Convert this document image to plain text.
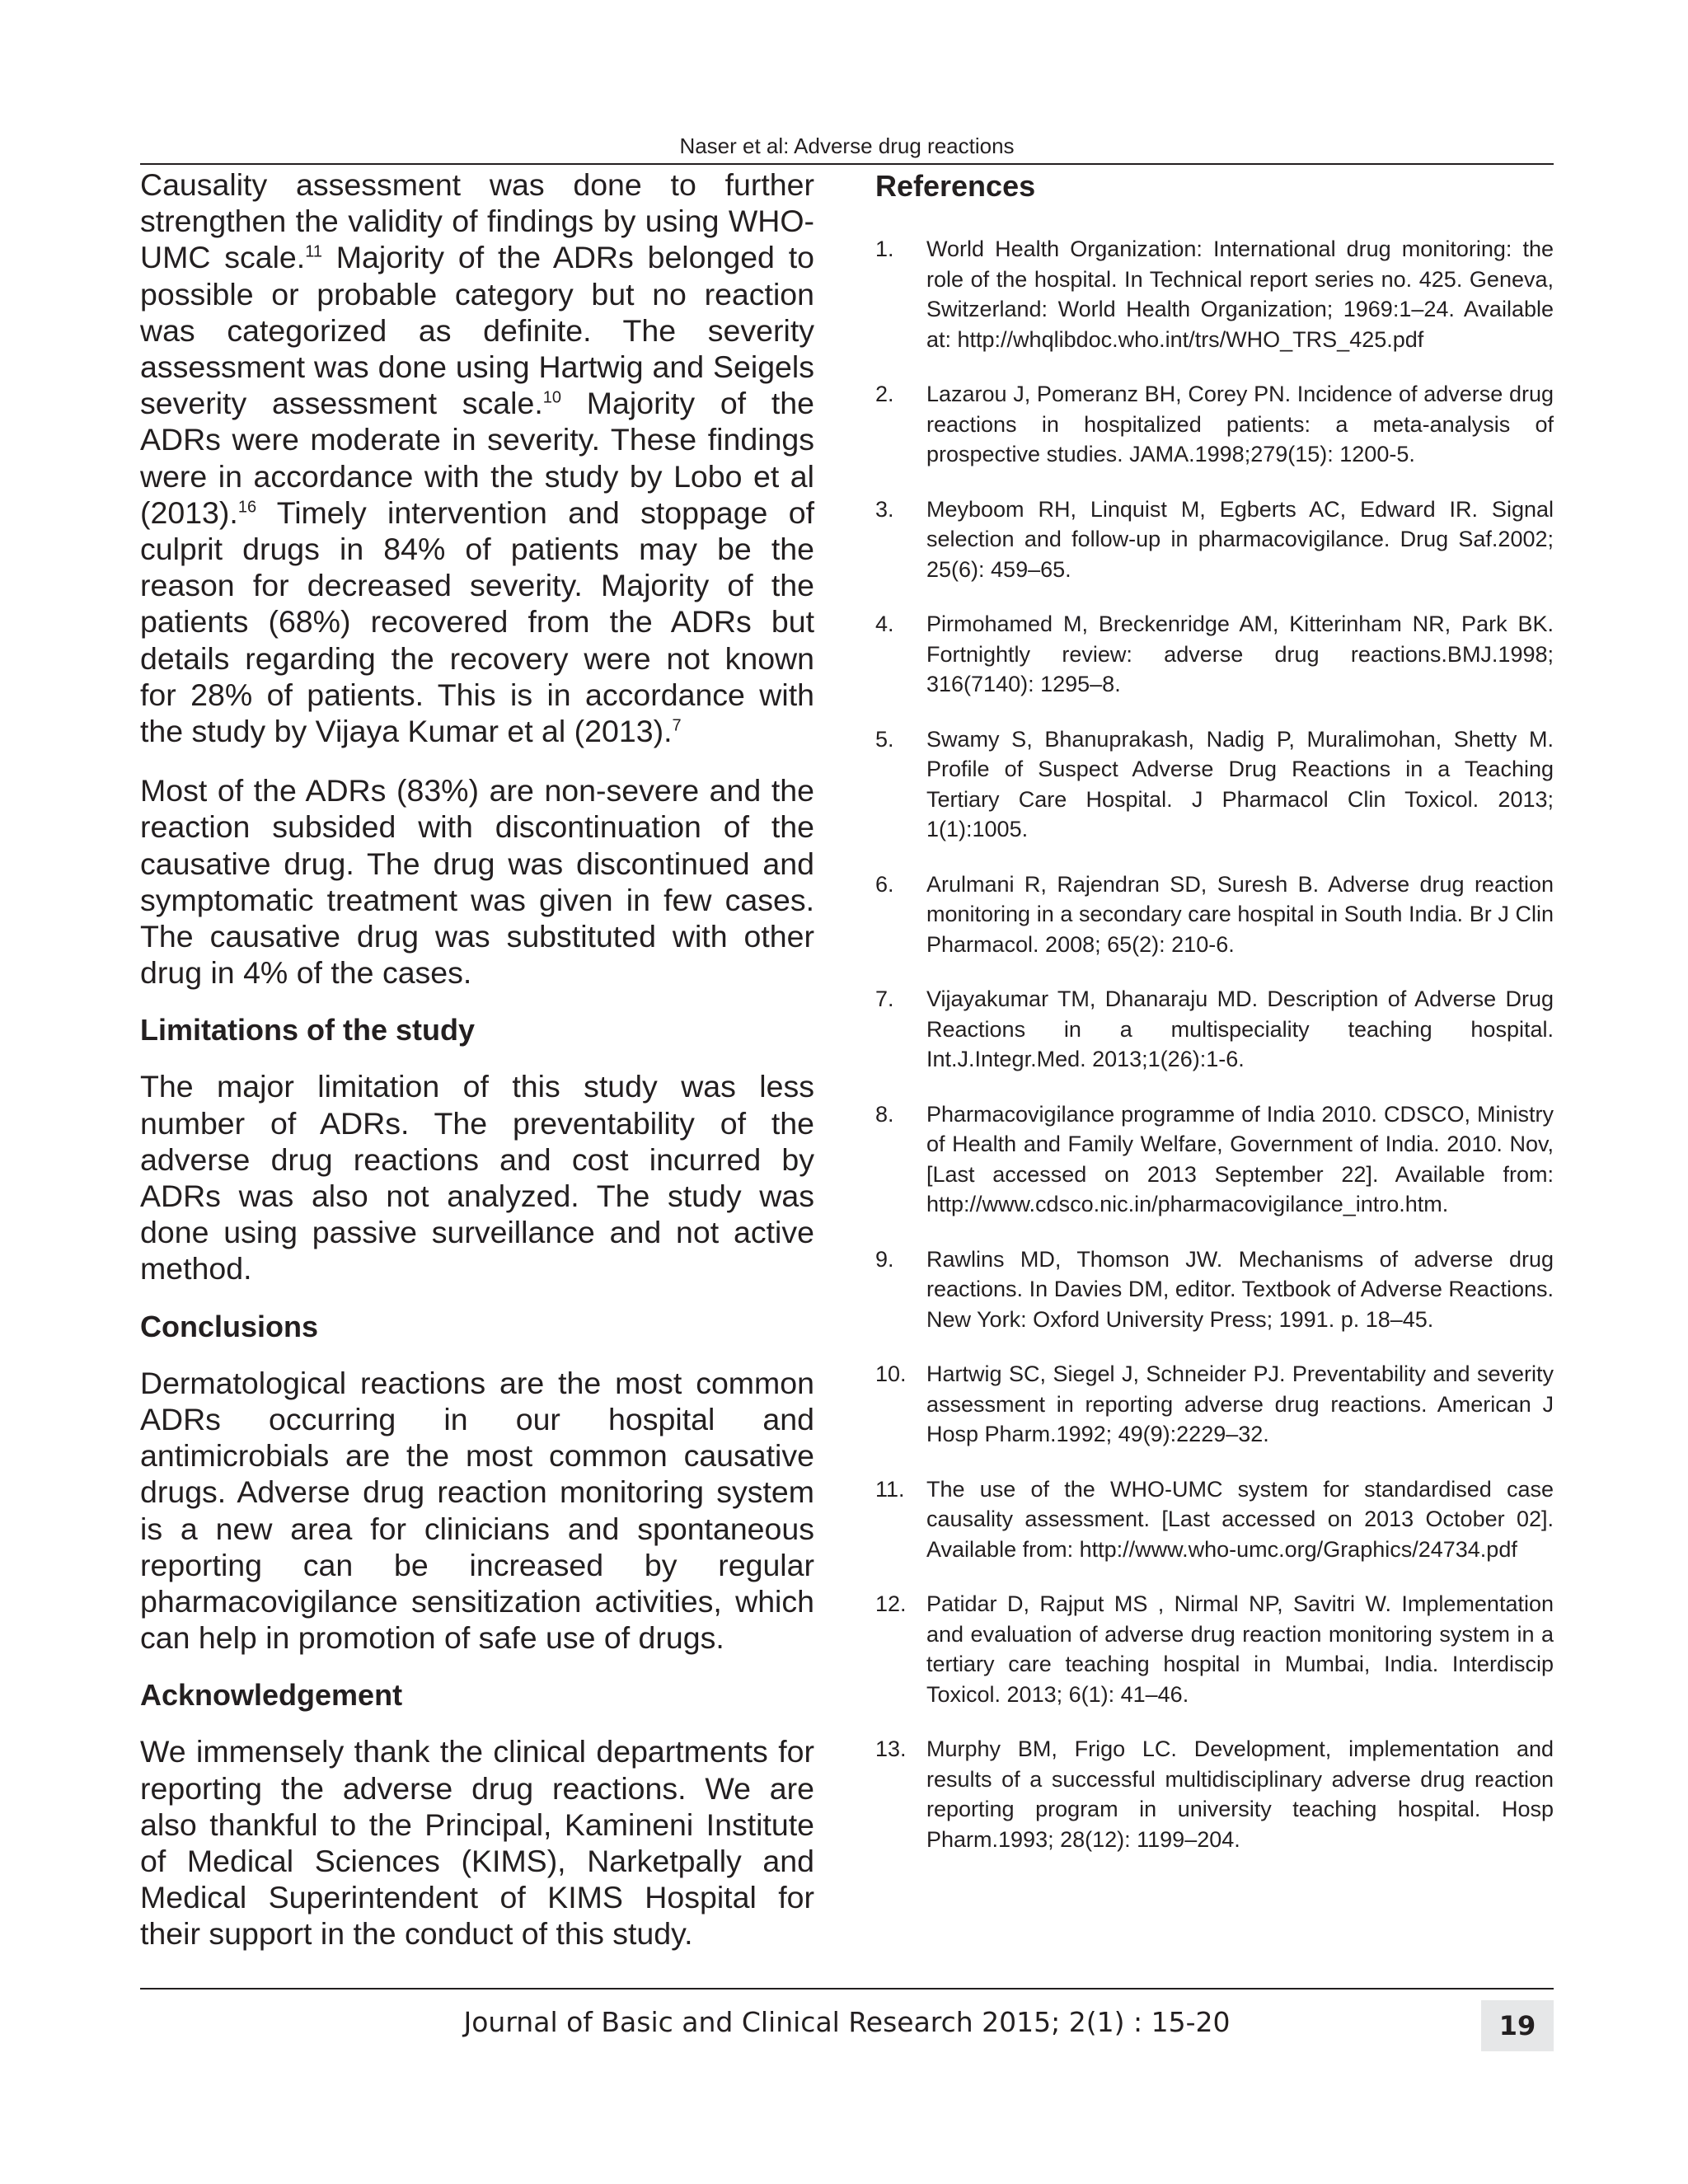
Naser et al: Adverse drug reactions

Causality assessment was done to further strengthen the validity of findings by using WHO-UMC scale.$^{11}$ Majority of the ADRs belonged to possible or probable category but no reaction was categorized as definite. The severity assessment was done using Hartwig and Seigels severity assessment scale.$^{10}$ Majority of the ADRs were moderate in severity. These findings were in accordance with the study by Lobo et al (2013).$^{16}$ Timely intervention and stoppage of culprit drugs in 84% of patients may be the reason for decreased severity. Majority of the patients (68%) recovered from the ADRs but details regarding the recovery were not known for 28% of patients. This is in accordance with the study by Vijaya Kumar et al (2013).$^7$

Most of the ADRs (83%) are non-severe and the reaction subsided with discontinuation of the causative drug. The drug was discontinued and symptomatic treatment was given in few cases. The causative drug was substituted with other drug in 4% of the cases.

Limitations of the study

The major limitation of this study was less number of ADRs. The preventability of the adverse drug reactions and cost incurred by ADRs was also not analyzed. The study was done using passive surveillance and not active method.

Conclusions

Dermatological reactions are the most common ADRs occurring in our hospital and antimicrobials are the most common causative drugs. Adverse drug reaction monitoring system is a new area for clinicians and spontaneous reporting can be increased by regular pharmacovigilance sensitization activities, which can help in promotion of safe use of drugs.

Acknowledgement

We immensely thank the clinical departments for reporting the adverse drug reactions. We are also thankful to the Principal, Kamineni Institute of Medical Sciences (KIMS), Narketpally and Medical Superintendent of KIMS Hospital for their support in the conduct of this study.

References
1.	World Health Organization: International drug monitoring: the role of the hospital. In Technical report series no. 425. Geneva, Switzerland: World Health Organization; 1969:1–24. Available at: http://whqlibdoc.who.int/trs/WHO_TRS_425.pdf
2.	Lazarou J, Pomeranz BH, Corey PN. Incidence of adverse drug reactions in hospitalized patients: a meta-analysis of prospective studies. JAMA.1998;279(15): 1200-5.
3.	Meyboom RH, Linquist M, Egberts AC, Edward IR. Signal selection and follow-up in pharmacovigilance. Drug Saf.2002; 25(6): 459–65.
4.	Pirmohamed M, Breckenridge AM, Kitterinham NR, Park BK. Fortnightly review: adverse drug reactions.BMJ.1998; 316(7140): 1295–8.
5.	Swamy S, Bhanuprakash, Nadig P, Muralimohan, Shetty M. Profile of Suspect Adverse Drug Reactions in a Teaching Tertiary Care Hospital. J Pharmacol Clin Toxicol. 2013; 1(1):1005.
6.	Arulmani R, Rajendran SD, Suresh B. Adverse drug reaction monitoring in a secondary care hospital in South India. Br J Clin Pharmacol. 2008; 65(2): 210-6.
7.	Vijayakumar TM, Dhanaraju MD. Description of Adverse Drug Reactions in a multispeciality teaching hospital. Int.J.Integr.Med. 2013;1(26):1-6.
8.	Pharmacovigilance programme of India 2010. CDSCO, Ministry of Health and Family Welfare, Government of India. 2010. Nov, [Last accessed on 2013 September 22]. Available from: http://www.cdsco.nic.in/pharmacovigilance_intro.htm.
9.	Rawlins MD, Thomson JW. Mechanisms of adverse drug reactions. In Davies DM, editor. Textbook of Adverse Reactions. New York: Oxford University Press; 1991. p. 18–45.
10. Hartwig SC, Siegel J, Schneider PJ. Preventability and severity assessment in reporting adverse drug reactions. American J Hosp Pharm.1992; 49(9):2229–32.
11. The use of the WHO-UMC system for standardised case causality assessment. [Last accessed on 2013 October 02]. Available from: http://www.who-umc.org/Graphics/24734.pdf
12. Patidar D, Rajput MS , Nirmal NP, Savitri W. Implementation and evaluation of adverse drug reaction monitoring system in a tertiary care teaching hospital in Mumbai, India. Interdiscip Toxicol. 2013; 6(1): 41–46.
13. Murphy BM, Frigo LC. Development, implementation and results of a successful multidisciplinary adverse drug reaction reporting program in university teaching hospital. Hosp Pharm.1993; 28(12): 1199–204.
Journal of Basic and Clinical Research 2015; 2(1) : 15-20	19
